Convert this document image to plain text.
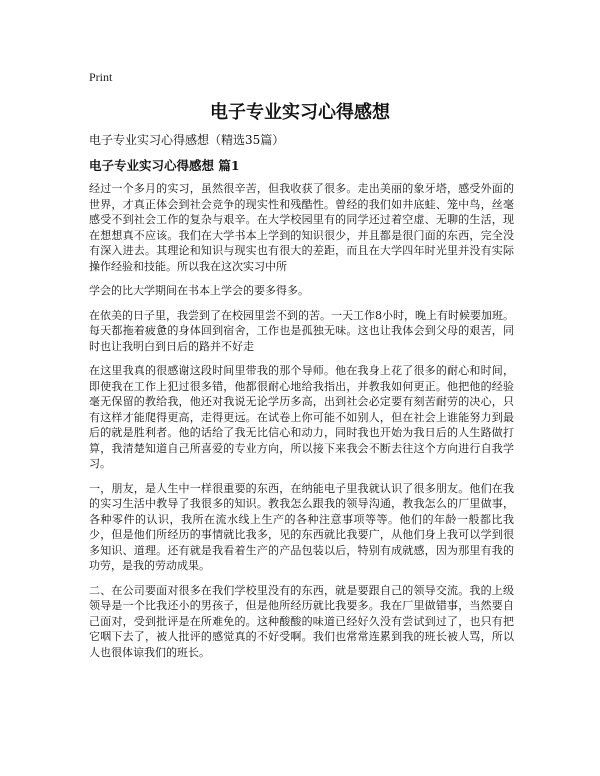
Print
电子专业实习心得感想

电子专业实习心得感想（精选35篇）

电子专业实习心得感想 篇1

经过一个多月的实习，虽然很辛苦，但我收获了很多。走出美丽的象牙塔，感受外面的世界，才真正体会到社会竞争的现实性和残酷性。曾经的我们如井底蛙、笼中鸟，丝毫感受不到社会工作的复杂与艰辛。在大学校园里有的同学还过着空虚、无聊的生活，现在想想真不应该。我们在大学书本上学到的知识很少，并且都是很门面的东西，完全没有深入进去。其理论和知识与现实也有很大的差距，而且在大学四年时光里并没有实际操作经验和技能。所以我在这次实习中所

学会的比大学期间在书本上学会的要多得多。

在依美的日子里，我尝到了在校园里尝不到的苦。一天工作8小时，晚上有时候要加班。每天都拖着疲惫的身体回到宿舍，工作也是孤独无味。这也让我体会到父母的艰苦，同时也让我明白到日后的路并不好走

在这里我真的很感谢这段时间里带我的那个导师。他在我身上花了很多的耐心和时间，即使我在工作上犯过很多错，他都很耐心地给我指出，并教我如何更正。他把他的经验毫无保留的教给我，他还对我说无论学历多高，出到社会必定要有刻苦耐劳的决心，只有这样才能爬得更高，走得更远。在试卷上你可能不如别人，但在社会上谁能努力到最后的就是胜利者。他的话给了我无比信心和动力，同时我也开始为我日后的人生路做打算，我清楚知道自己所喜爱的专业方向，所以接下来我会不断去往这个方向进行自我学习。

一，朋友，是人生中一样很重要的东西，在纳能电子里我就认识了很多朋友。他们在我的实习生活中教导了我很多的知识。教我怎么跟我的领导沟通，教我怎么的厂里做事，各种零件的认识，我所在流水线上生产的各种注意事项等等。他们的年龄一般都比我少，但是他们所经历的事情就比我多，见的东西就比我要广，从他们身上我可以学到很多知识、道理。还有就是我看着生产的产品包装以后，特别有成就感，因为那里有我的功劳，是我的劳动成果。

二、在公司要面对很多在我们学校里没有的东西，就是要跟自己的领导交流。我的上级领导是一个比我还小的男孩子，但是他所经历就比我要多。我在厂里做错事，当然要自己面对，受到批评是在所难免的。这种酸酸的味道已经好久没有尝试到过了，也只有把它咽下去了，被人批评的感觉真的不好受啊。我们也常常连累到我的班长被人骂，所以人也很体谅我们的班长。
